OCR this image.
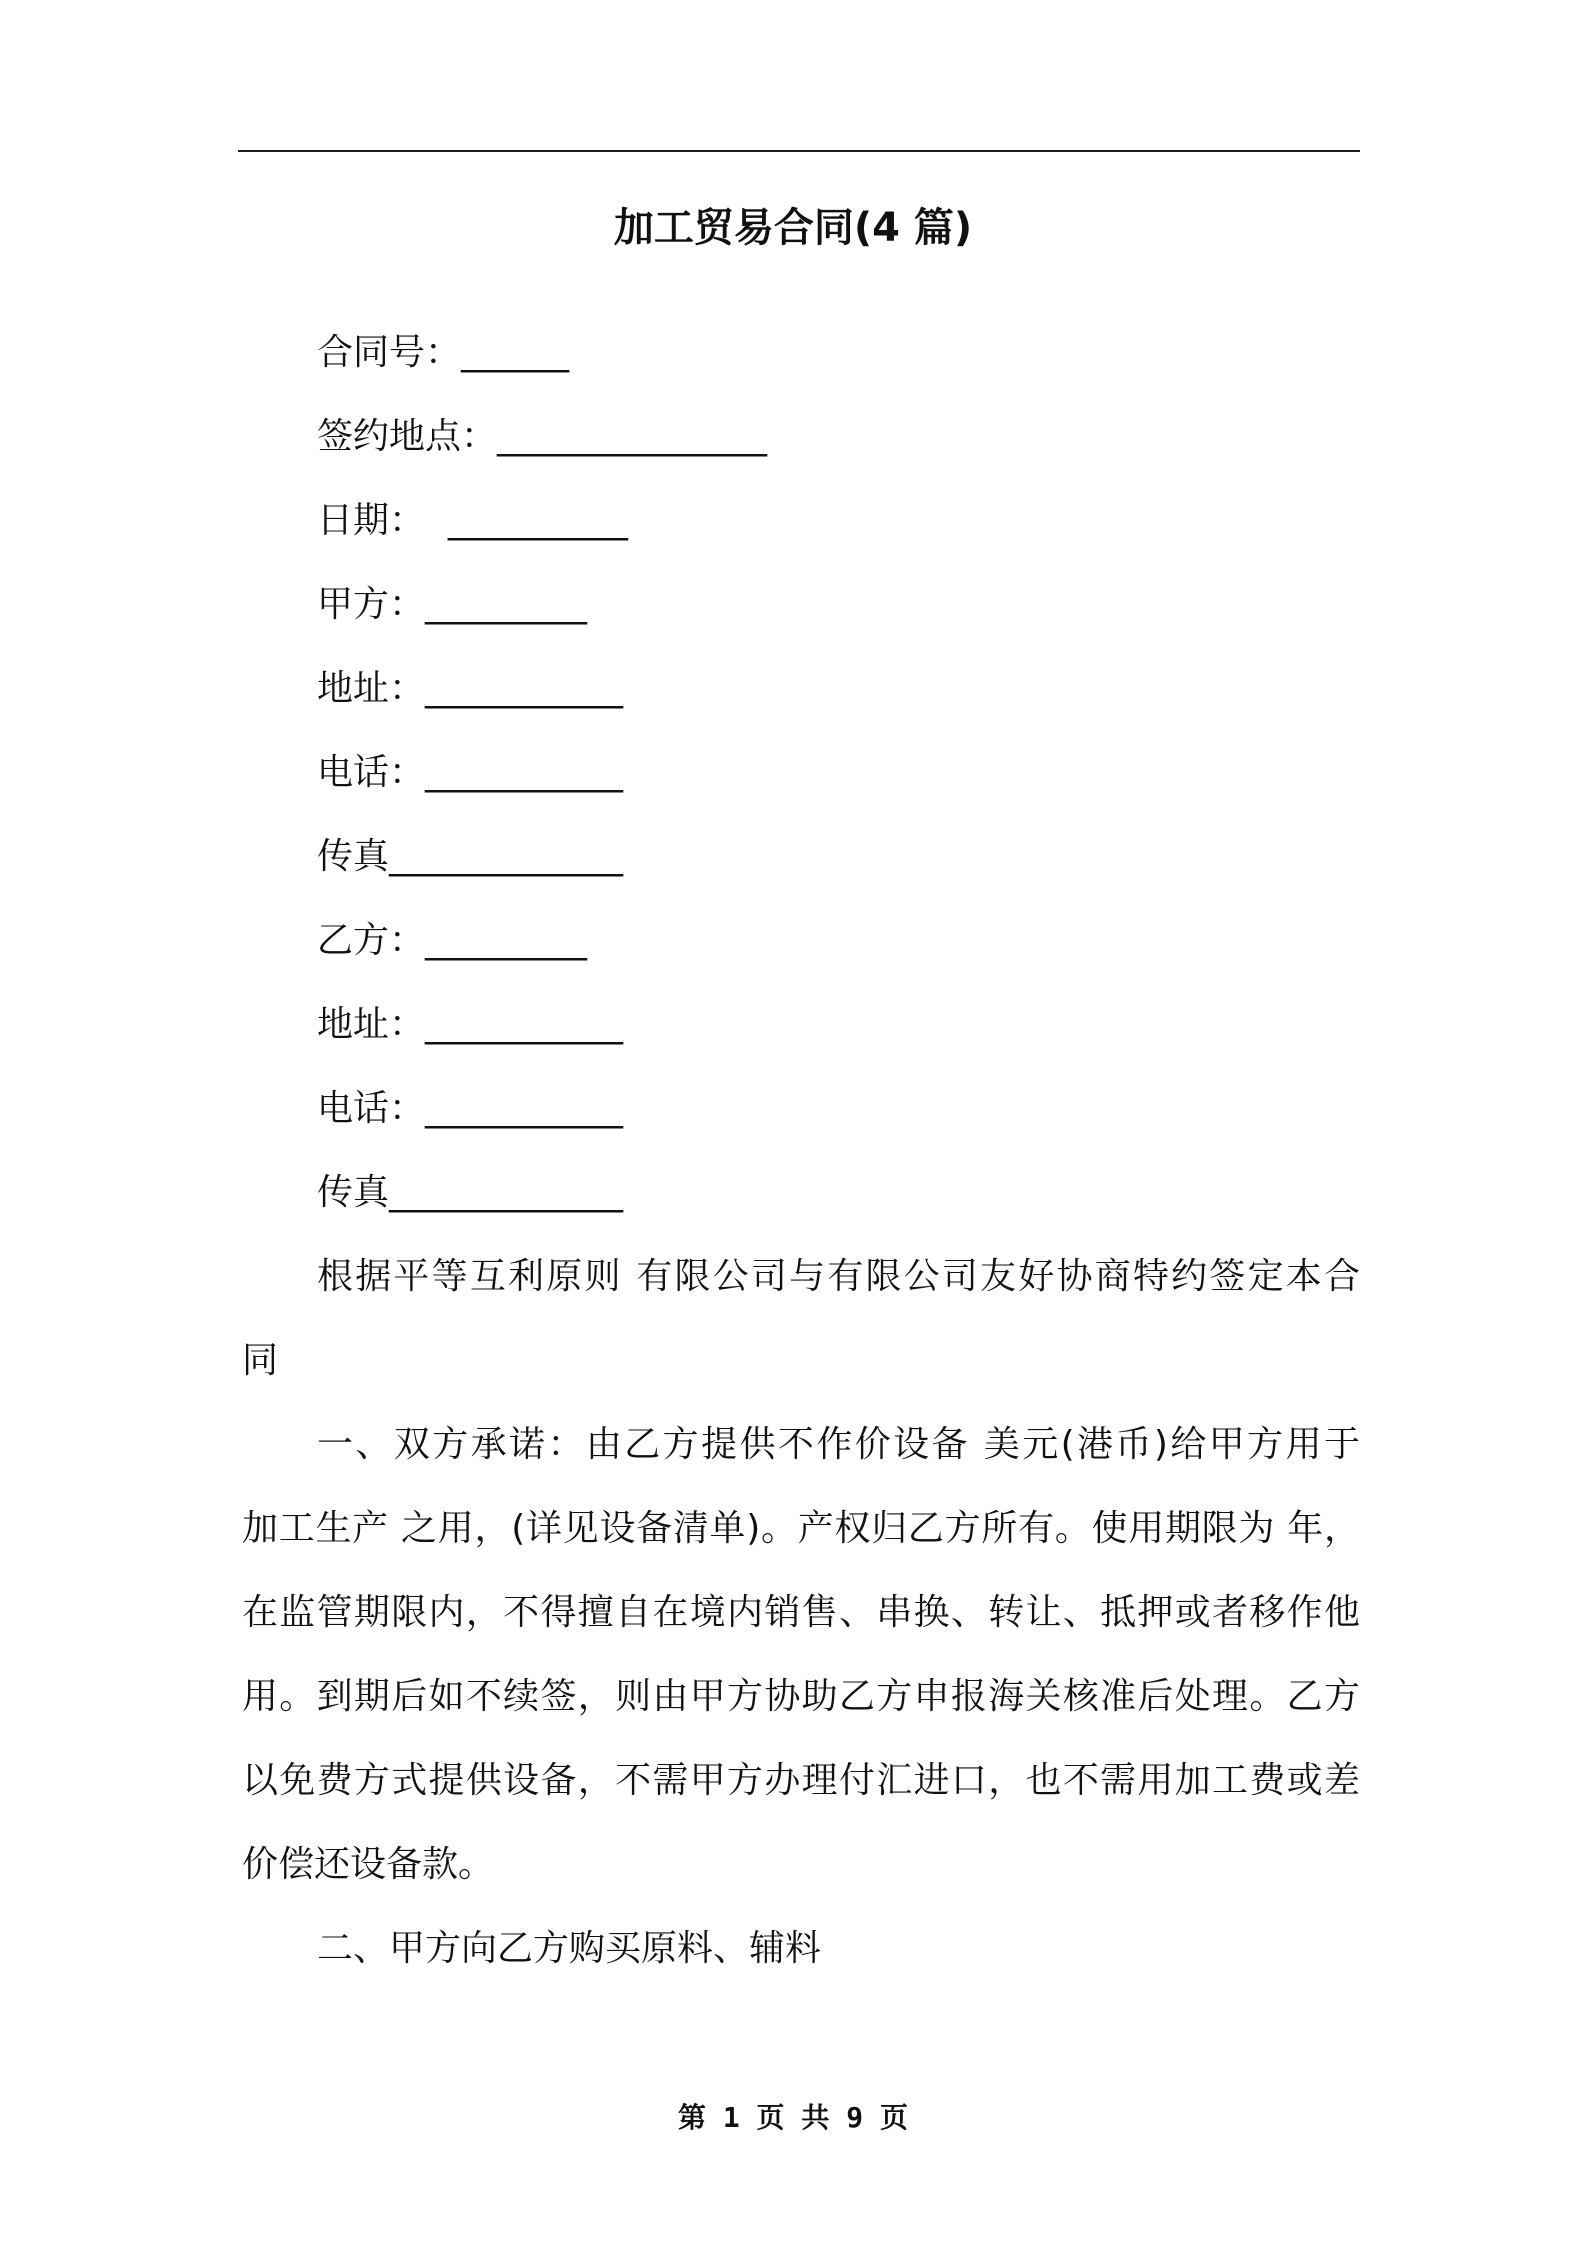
加工贸易合同(4 篇)
合同号：______
签约地点：_______________
日期：  __________
甲方：_________
地址：___________
电话：___________
传真_____________
乙方：_________
地址：___________
电话：___________
传真_____________
根据平等互利原则 有限公司与有限公司友好协商特约签定本合
同
一、双方承诺：由乙方提供不作价设备 美元(港币)给甲方用于
加工生产 之用，(详见设备清单)。产权归乙方所有。使用期限为 年，
在监管期限内，不得擅自在境内销售、串换、转让、抵押或者移作他
用。到期后如不续签，则由甲方协助乙方申报海关核准后处理。乙方
以免费方式提供设备，不需甲方办理付汇进口，也不需用加工费或差
价偿还设备款。
二、甲方向乙方购买原料、辅料
第 1 页 共 9 页
